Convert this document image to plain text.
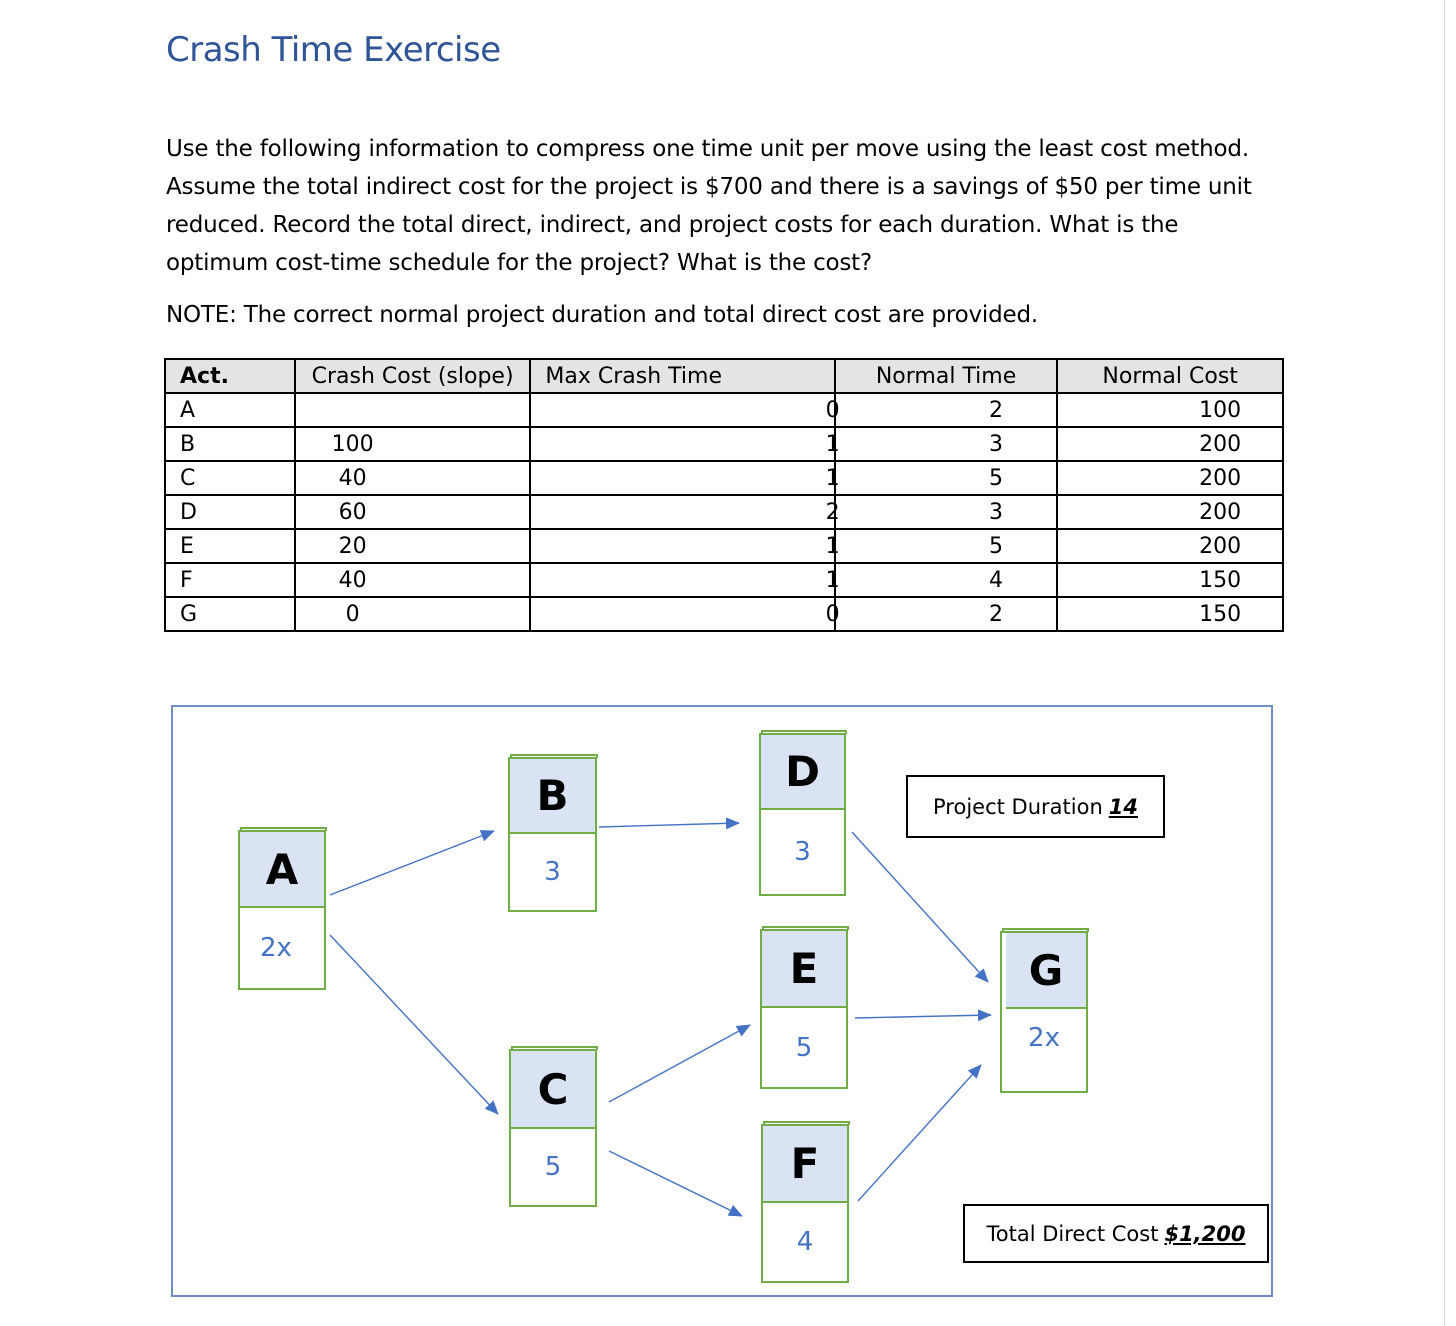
Crash Time Exercise

Use the following information to compress one time unit per move using the least cost method.

Assume the total indirect cost for the project is $700 and there is a savings of $50 per time unit

reduced. Record the total direct, indirect, and project costs for each duration. What is the

optimum cost-time schedule for the project? What is the cost?

NOTE: The correct normal project duration and total direct cost are provided.
Act.	Crash Cost (slope)	Max Crash Time	Normal Time	Normal Cost
A		0	2	100
B	100	1	3	200
C	40	1	5	200
D	60	2	3	200
E	20	1	5	200
F	40	1	4	150
G	0	0	2	150
A
2x
B
3
C
5
D
3
E
5
F
4
G
2x
Project Duration 14
Total Direct Cost $1,200
